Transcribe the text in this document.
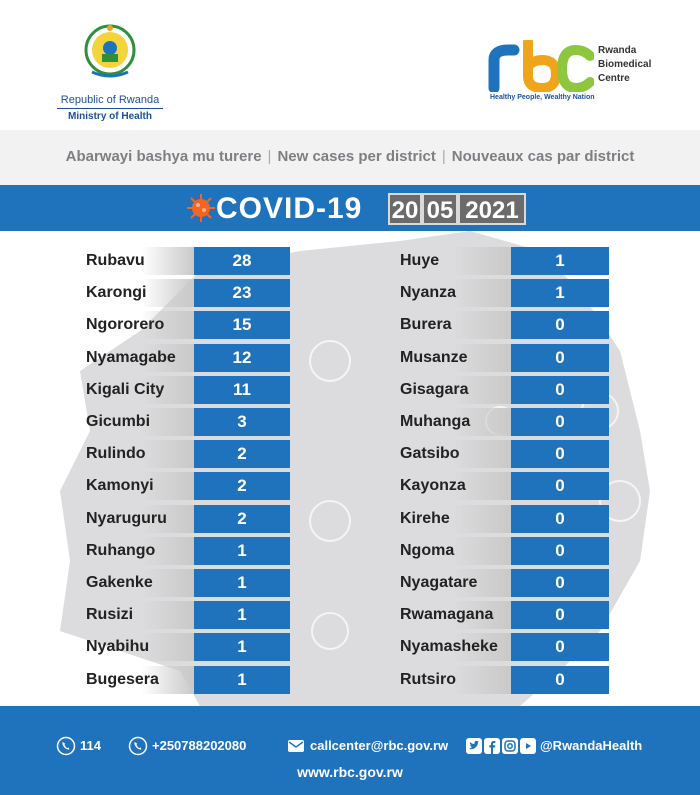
Republic of Rwanda
Ministry of Health
Rwanda
Biomedical
Centre
Healthy People, Wealthy Nation
Abarwayi bashya mu turere | New cases per district | Nouveaux cas par district
COVID-19 20 05 2021
Rubavu	28
Karongi	23
Ngororero	15
Nyamagabe	12
Kigali City	11
Gicumbi	3
Rulindo	2
Kamonyi	2
Nyaruguru	2
Ruhango	1
Gakenke	1
Rusizi	1
Nyabihu	1
Bugesera	1
Huye	1
Nyanza	1
Burera	0
Musanze	0
Gisagara	0
Muhanga	0
Gatsibo	0
Kayonza	0
Kirehe	0
Ngoma	0
Nyagatare	0
Rwamagana	0
Nyamasheke	0
Rutsiro	0
114	+250788202080	callcenter@rbc.gov.rw	@RwandaHealth
www.rbc.gov.rw
